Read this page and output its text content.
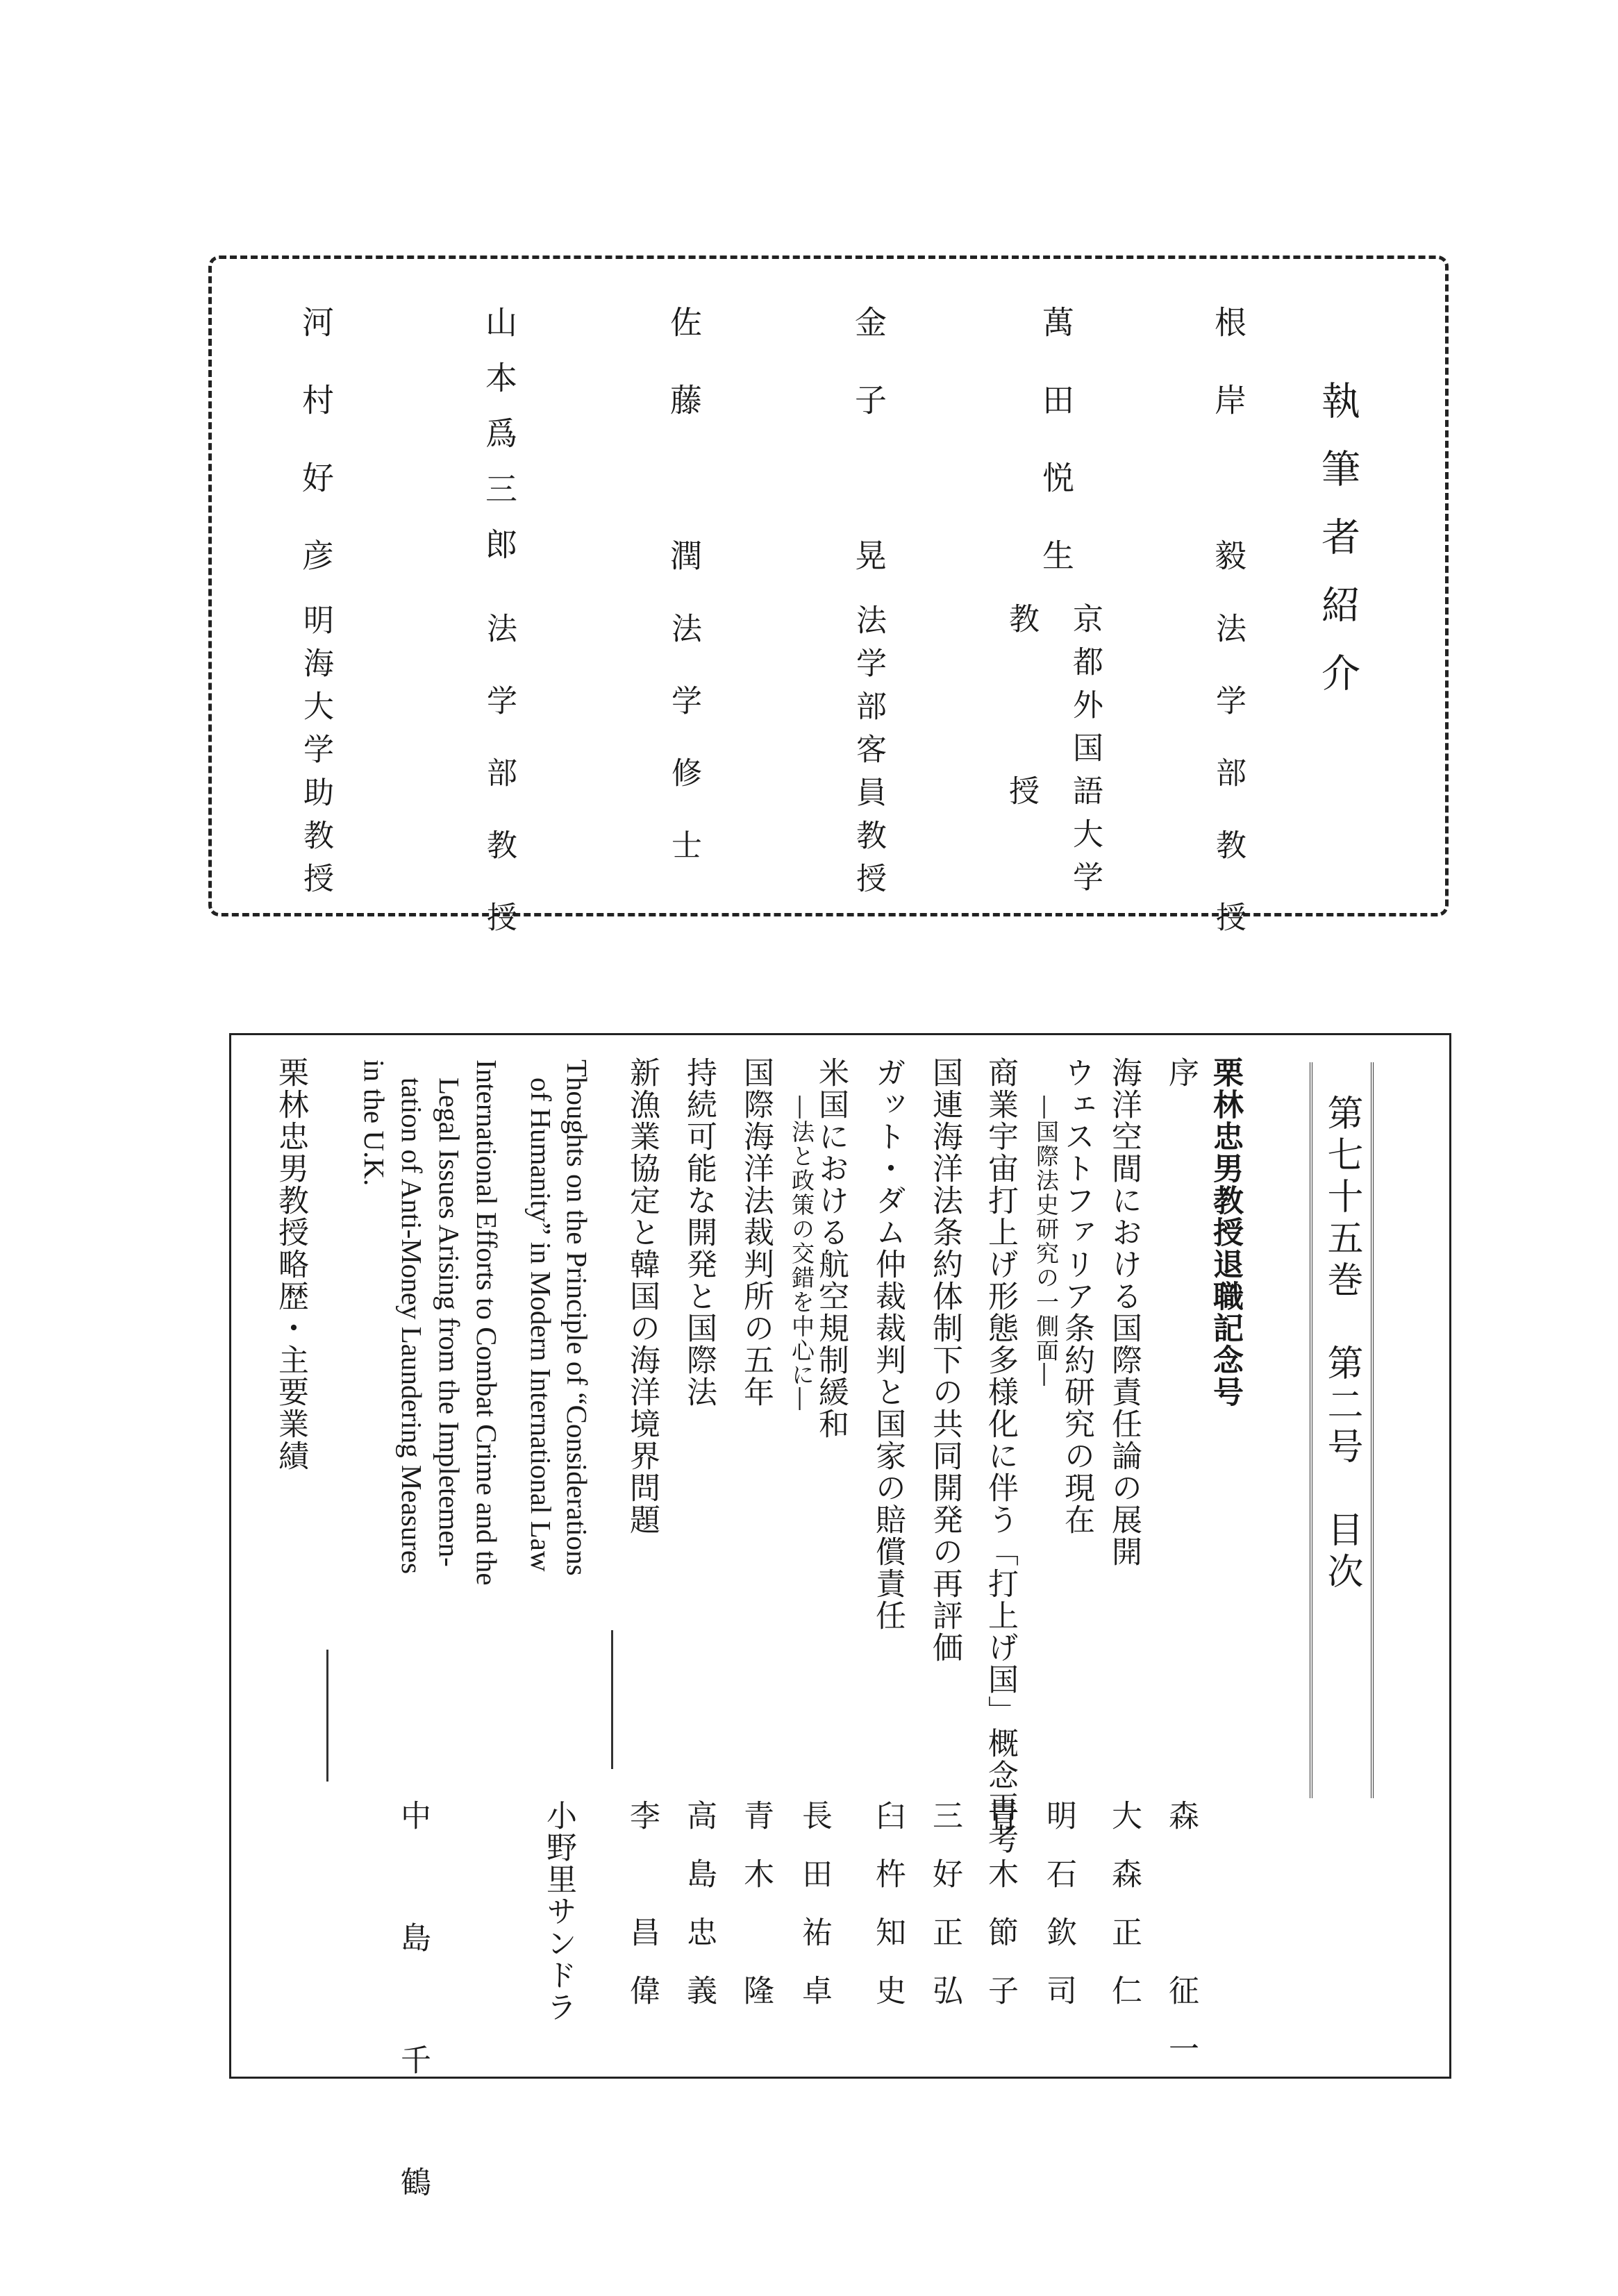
執筆者紹介
根岸　毅
法学部教授
萬田悦生
京都外国語大学
教　　　授
金子　晃
法学部客員教授
佐藤　潤
法学修士
山本爲三郎
法学部教授
河村好彦
明海大学助教授
第七十五巻　第二号　目次
栗林忠男教授退職記念号
序
海洋空間における国際責任論の展開
ウェストファリア条約研究の現在
―国際法史研究の一側面―
商業宇宙打上げ形態多様化に伴う「打上げ国」概念再考
国連海洋法条約体制下の共同開発の再評価
ガット・ダム仲裁裁判と国家の賠償責任
米国における航空規制緩和
―法と政策の交錯を中心に―
国際海洋法裁判所の五年
持続可能な開発と国際法
新漁業協定と韓国の海洋境界問題
森　　征一
大森正仁
明石欽司
青木節子
三好正弘
臼杵知史
長田祐卓
青木　隆
高島忠義
李　昌偉
Thoughts on the Principle of “Considerations
of Humanity” in Modern International Law
小野里サンドラ
International Efforts to Combat Crime and the
Legal Issues Arising from the Impletemen-
tation of Anti-Money Laundering Measures
in the U.K.
中　島　千　鶴
栗林忠男教授略歴・主要業績
